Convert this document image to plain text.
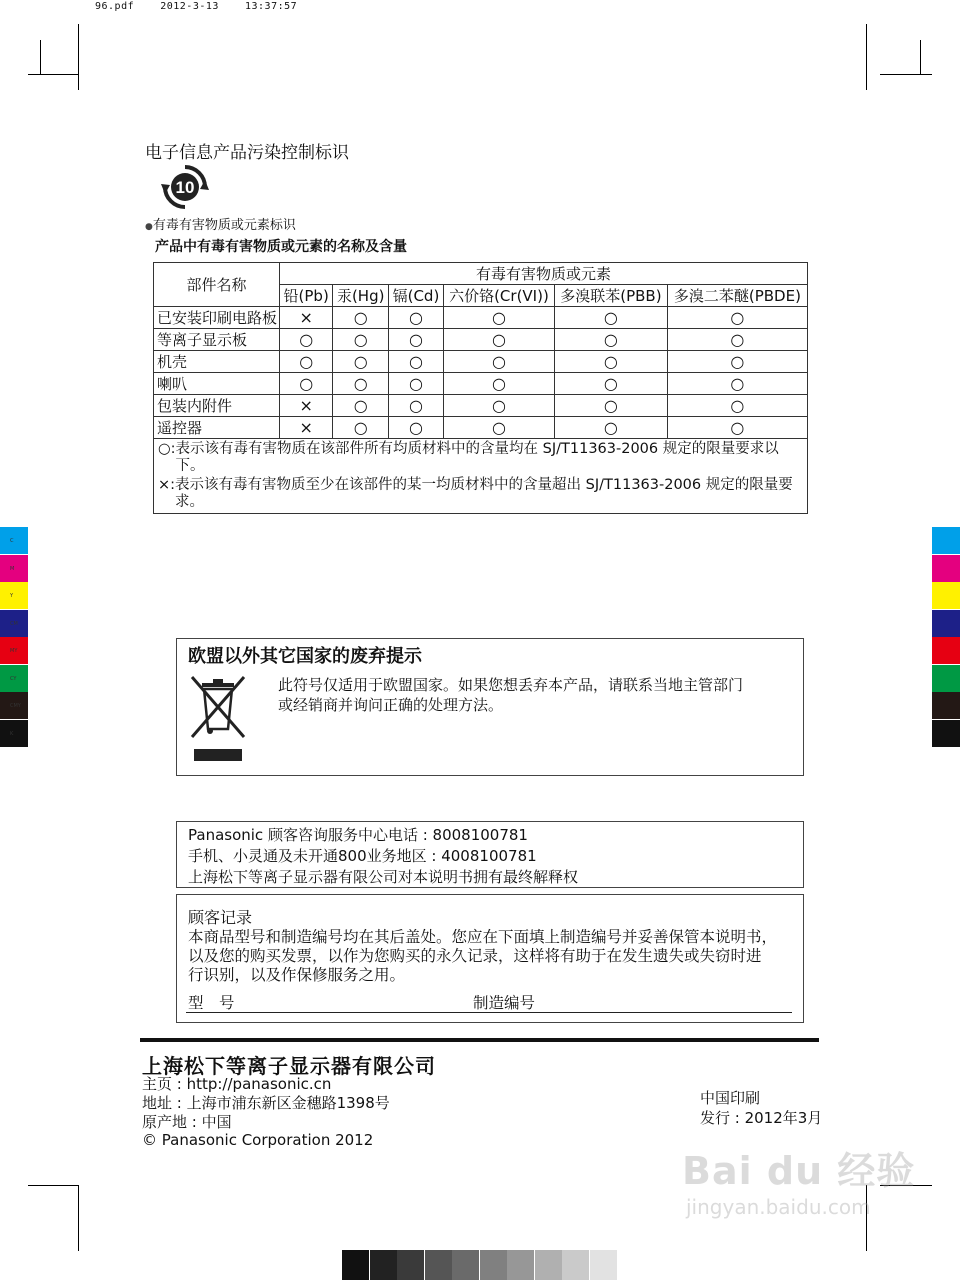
96.pdf	2012-3-13	13:37:57
电子信息产品污染控制标识
10
●有毒有害物质或元素标识
产品中有毒有害物质或元素的名称及含量
部件名称	有毒有害物质或元素					
	铅(Pb)	汞(Hg)	镉(Cd)	六价铬(Cr(VI))	多溴联苯(PBB)	多溴二苯醚(PBDE)
已安装印刷电路板	×	○	○	○	○	○
等离子显示板	○	○	○	○	○	○
机壳	○	○	○	○	○	○
喇叭	○	○	○	○	○	○
包装内附件	×	○	○	○	○	○
遥控器	×	○	○	○	○	○

○: 表示该有毒有害物质在该部件所有均质材料中的含量均在 SJ/T11363-2006 规定的限量要求以下。
×: 表示该有毒有害物质至少在该部件的某一均质材料中的含量超出 SJ/T11363-2006 规定的限量要求。						
欧盟以外其它国家的废弃提示
此符号仅适用于欧盟国家。如果您想丢弃本产品，请联系当地主管部门
或经销商并询问正确的处理方法。
Panasonic 顾客咨询服务中心电话 : 8008100781
手机、小灵通及未开通800业务地区 : 4008100781
上海松下等离子显示器有限公司对本说明书拥有最终解释权
顾客记录
本商品型号和制造编号均在其后盖处。您应在下面填上制造编号并妥善保管本说明书，
以及您的购买发票，以作为您购买的永久记录，这样将有助于在发生遗失或失窃时进
行识别，以及作保修服务之用。
型　号	制造编号
上海松下等离子显示器有限公司
主页 : http://panasonic.cn
地址 : 上海市浦东新区金穗路1398号
原产地 : 中国
© Panasonic Corporation 2012
中国印刷
发行 : 2012年3月
C
M
Y
CM
MY
CY
CMY
K
Bai du 经验
jingyan.baidu.com
